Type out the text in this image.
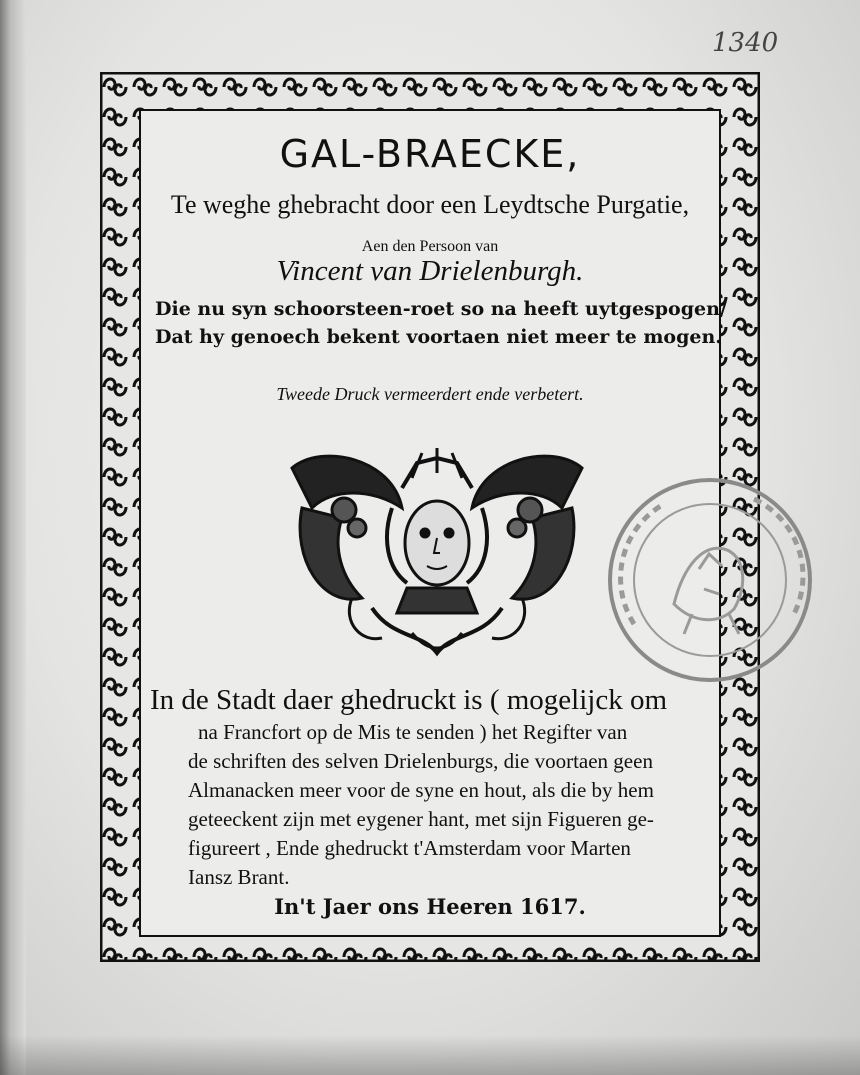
1340
GAL-BRAECKE,
Te weghe ghebracht door een Leydtsche Purgatie,
Aen den Persoon van
Vincent van Drielenburgh.
Die nu syn schoorsteen-roet so na heeft uytgespogen/
Dat hy genoech bekent voortaen niet meer te mogen.
Tweede Druck vermeerdert ende verbetert.
In de Stadt daer ghedruckt is ( mogelijck om
na Francfort op de Mis te senden ) het Regifter van
de schriften des selven Drielenburgs, die voortaen geen
Almanacken meer voor de syne en hout, als die by hem
geteeckent zijn met eygener hant, met sijn Figueren ge-
figureert , Ende ghedruckt t'Amsterdam voor Marten
Iansz Brant.
In't Jaer ons Heeren 1617.
